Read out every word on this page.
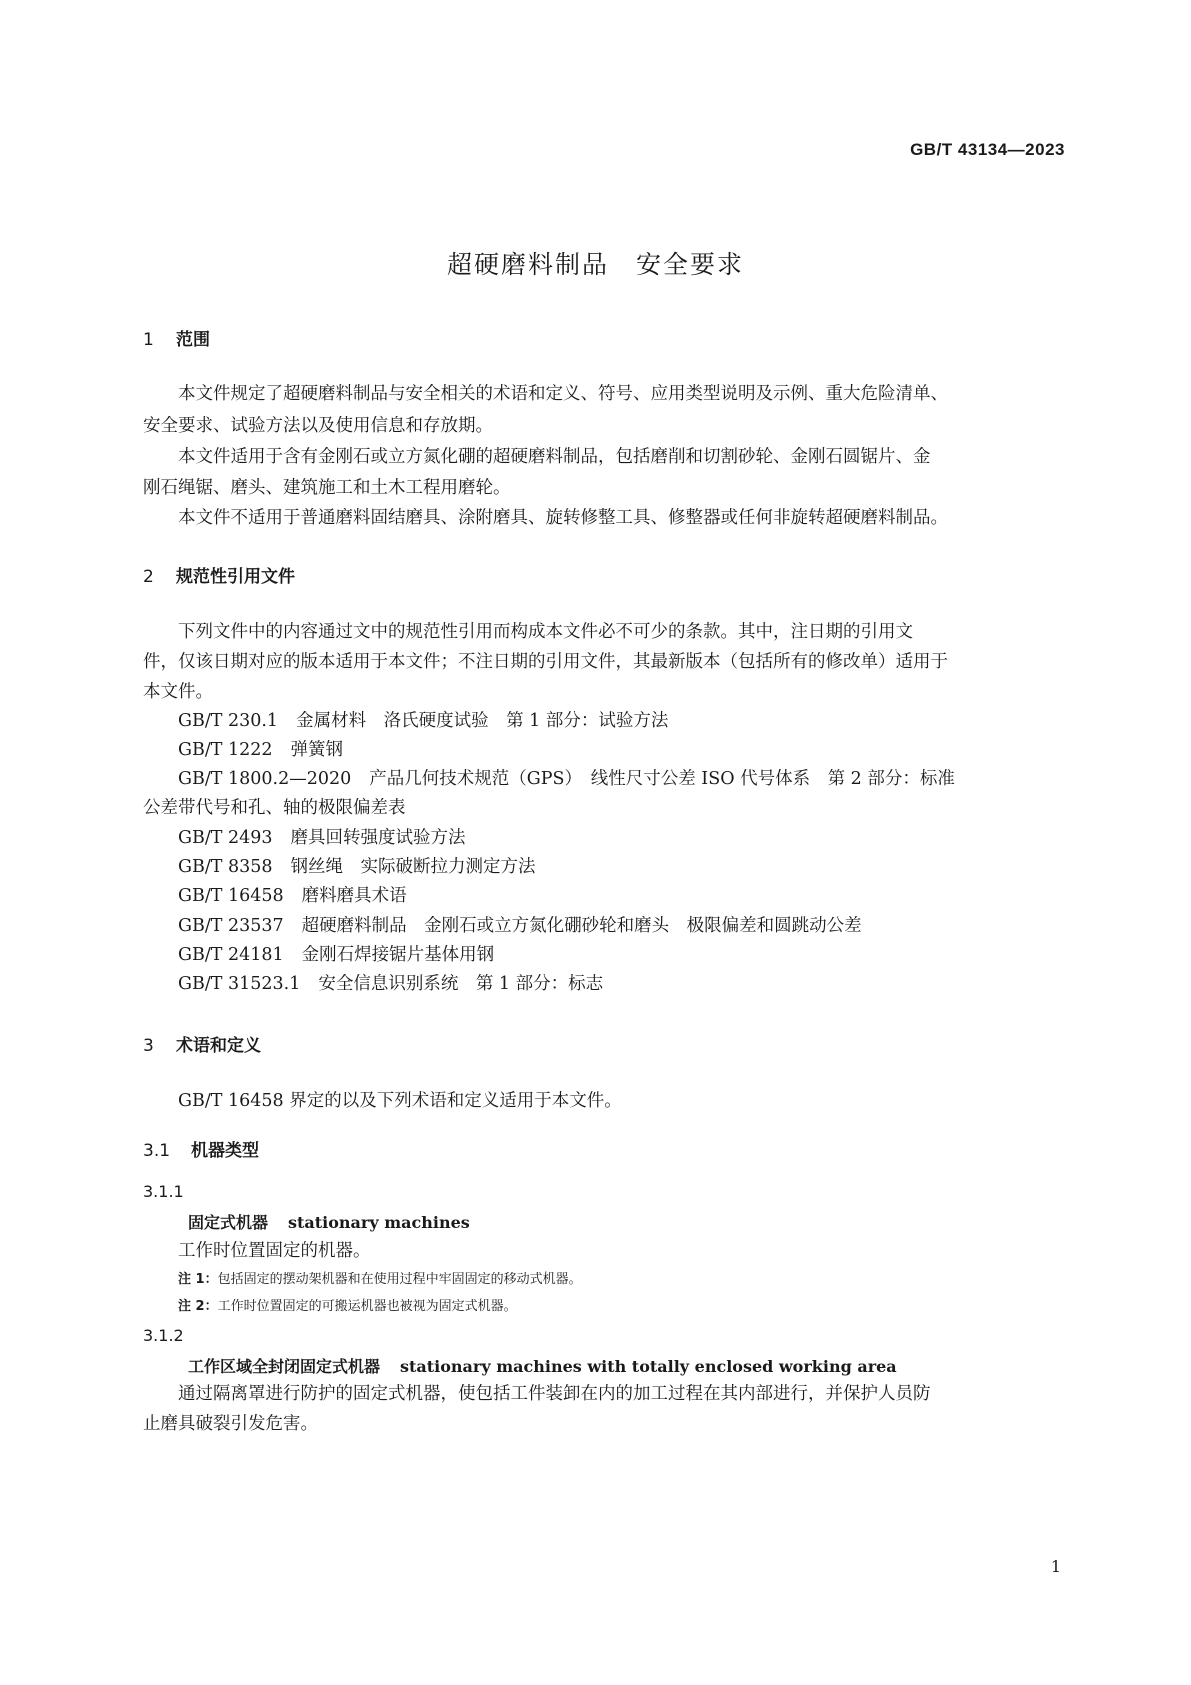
GB/T 43134—2023
超硬磨料制品　安全要求
1 范围

本文件规定了超硬磨料制品与安全相关的术语和定义、符号、应用类型说明及示例、重大危险清单、

安全要求、试验方法以及使用信息和存放期。

本文件适用于含有金刚石或立方氮化硼的超硬磨料制品，包括磨削和切割砂轮、金刚石圆锯片、金

刚石绳锯、磨头、建筑施工和土木工程用磨轮。

本文件不适用于普通磨料固结磨具、涂附磨具、旋转修整工具、修整器或任何非旋转超硬磨料制品。

2 规范性引用文件

下列文件中的内容通过文中的规范性引用而构成本文件必不可少的条款。其中，注日期的引用文

件，仅该日期对应的版本适用于本文件；不注日期的引用文件，其最新版本（包括所有的修改单）适用于

本文件。

GB/T 230.1 金属材料　洛氏硬度试验　第 1 部分：试验方法

GB/T 1222 弹簧钢

GB/T 1800.2—2020 产品几何技术规范（GPS）　线性尺寸公差 ISO 代号体系　第 2 部分：标准

公差带代号和孔、轴的极限偏差表

GB/T 2493 磨具回转强度试验方法

GB/T 8358 钢丝绳　实际破断拉力测定方法

GB/T 16458 磨料磨具术语

GB/T 23537 超硬磨料制品　金刚石或立方氮化硼砂轮和磨头　极限偏差和圆跳动公差

GB/T 24181 金刚石焊接锯片基体用钢

GB/T 31523.1 安全信息识别系统　第 1 部分：标志

3 术语和定义

GB/T 16458 界定的以及下列术语和定义适用于本文件。

3.1 机器类型
3.1.1
固定式机器 stationary machines

工作时位置固定的机器。

注 1：包括固定的摆动架机器和在使用过程中牢固固定的移动式机器。
注 2：工作时位置固定的可搬运机器也被视为固定式机器。
3.1.2
工作区域全封闭固定式机器 stationary machines with totally enclosed working area

通过隔离罩进行防护的固定式机器，使包括工件装卸在内的加工过程在其内部进行，并保护人员防

止磨具破裂引发危害。

1
